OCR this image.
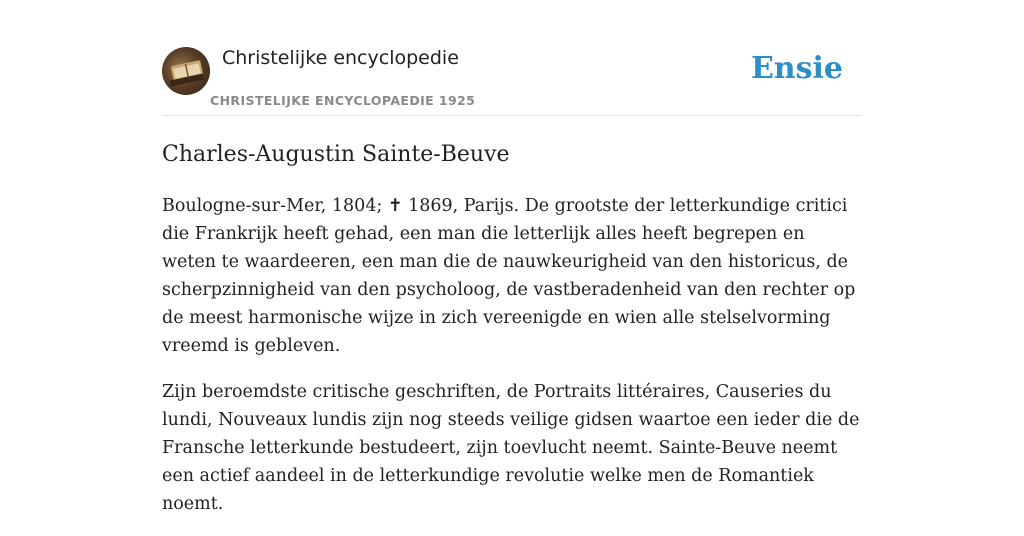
Christelijke encyclopedie
CHRISTELIJKE ENCYCLOPAEDIE 1925
Ensie
Charles-Augustin Sainte-Beuve

Boulogne-sur-Mer, 1804; ✝ 1869, Parijs. De grootste der letterkundige critici die Frankrijk heeft gehad, een man die letterlijk alles heeft begrepen en weten te waardeeren, een man die de nauwkeurigheid van den historicus, de scherpzinnigheid van den psycholoog, de vastberadenheid van den rechter op de meest harmonische wijze in zich vereenigde en wien alle stelselvorming vreemd is gebleven.

Zijn beroemdste critische geschriften, de Portraits littéraires, Causeries du lundi, Nouveaux lundis zijn nog steeds veilige gidsen waartoe een ieder die de Fransche letterkunde bestudeert, zijn toevlucht neemt. Sainte-Beuve neemt een actief aandeel in de letterkundige revolutie welke men de Romantiek noemt.
